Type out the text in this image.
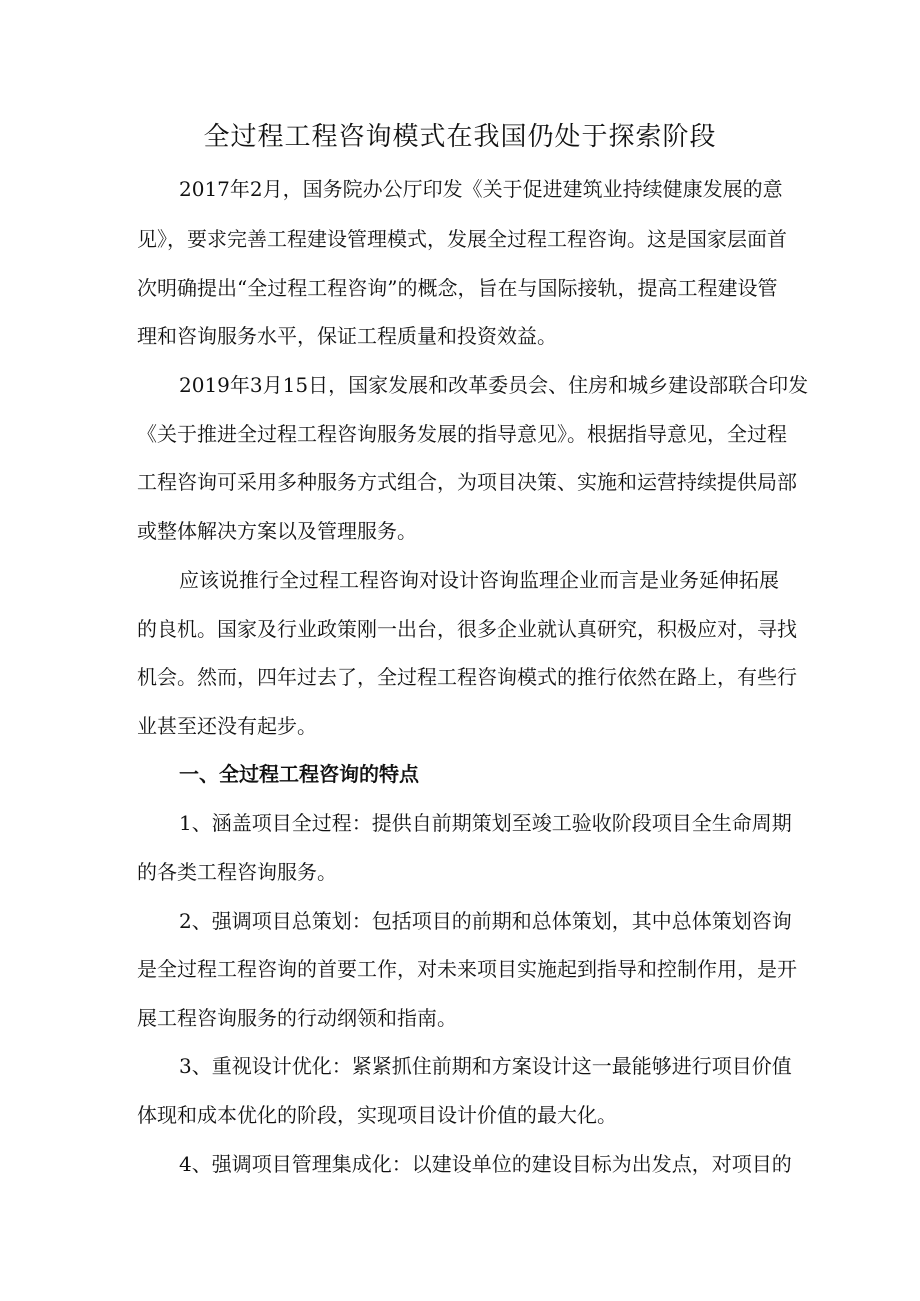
全过程工程咨询模式在我国仍处于探索阶段

2017年2月，国务院办公厅印发《关于促进建筑业持续健康发展的意

见》，要求完善工程建设管理模式，发展全过程工程咨询。这是国家层面首

次明确提出“全过程工程咨询”的概念，旨在与国际接轨，提高工程建设管

理和咨询服务水平，保证工程质量和投资效益。

2019年3月15日，国家发展和改革委员会、住房和城乡建设部联合印发

《关于推进全过程工程咨询服务发展的指导意见》。根据指导意见，全过程

工程咨询可采用多种服务方式组合，为项目决策、实施和运营持续提供局部

或整体解决方案以及管理服务。

应该说推行全过程工程咨询对设计咨询监理企业而言是业务延伸拓展

的良机。国家及行业政策刚一出台，很多企业就认真研究，积极应对，寻找

机会。然而，四年过去了，全过程工程咨询模式的推行依然在路上，有些行

业甚至还没有起步。

一、全过程工程咨询的特点

1、涵盖项目全过程：提供自前期策划至竣工验收阶段项目全生命周期

的各类工程咨询服务。

2、强调项目总策划：包括项目的前期和总体策划，其中总体策划咨询

是全过程工程咨询的首要工作，对未来项目实施起到指导和控制作用，是开

展工程咨询服务的行动纲领和指南。

3、重视设计优化：紧紧抓住前期和方案设计这一最能够进行项目价值

体现和成本优化的阶段，实现项目设计价值的最大化。

4、强调项目管理集成化：以建设单位的建设目标为出发点，对项目的
